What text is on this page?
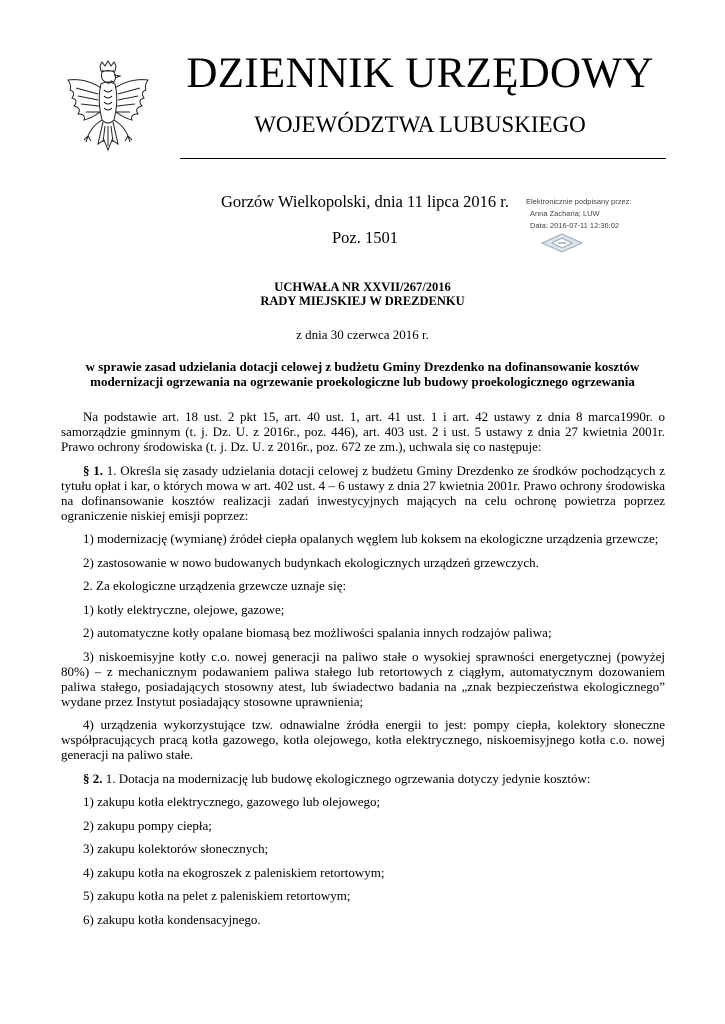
DZIENNIK URZĘDOWY
WOJEWÓDZTWA LUBUSKIEGO
Gorzów Wielkopolski, dnia 11 lipca 2016 r.
Poz. 1501
Elektronicznie podpisany przez:
Anna Zacharia; LUW
Data: 2016-07-11 12:36:02
UCHWAŁA NR XXVII/267/2016
RADY MIEJSKIEJ W DREZDENKU
z dnia 30 czerwca 2016 r.
w sprawie zasad udzielania dotacji celowej z budżetu Gminy Drezdenko na dofinansowanie kosztów modernizacji ogrzewania na ogrzewanie proekologiczne lub budowy proekologicznego ogrzewania

Na podstawie art. 18 ust. 2 pkt 15, art. 40 ust. 1, art. 41 ust. 1 i art. 42 ustawy z dnia 8 marca1990r. o samorządzie gminnym (t. j. Dz. U. z 2016r., poz. 446), art. 403 ust. 2 i ust. 5 ustawy z dnia 27 kwietnia 2001r. Prawo ochrony środowiska (t. j. Dz. U. z 2016r., poz. 672 ze zm.), uchwala się co następuje:

§ 1. 1. Określa się zasady udzielania dotacji celowej z budżetu Gminy Drezdenko ze środków pochodzących z tytułu opłat i kar, o których mowa w art. 402 ust. 4 – 6 ustawy z dnia 27 kwietnia 2001r. Prawo ochrony środowiska na dofinansowanie kosztów realizacji zadań inwestycyjnych mających na celu ochronę powietrza poprzez ograniczenie niskiej emisji poprzez:

1) modernizację (wymianę) źródeł ciepła opalanych węglem lub koksem na ekologiczne urządzenia grzewcze;

2) zastosowanie w nowo budowanych budynkach ekologicznych urządzeń grzewczych.

2. Za ekologiczne urządzenia grzewcze uznaje się:

1) kotły elektryczne, olejowe, gazowe;

2) automatyczne kotły opalane biomasą bez możliwości spalania innych rodzajów paliwa;

3) niskoemisyjne kotły c.o. nowej generacji na paliwo stałe o wysokiej sprawności energetycznej (powyżej 80%) – z mechanicznym podawaniem paliwa stałego lub retortowych z ciągłym, automatycznym dozowaniem paliwa stałego, posiadających stosowny atest, lub świadectwo badania na „znak bezpieczeństwa ekologicznego” wydane przez Instytut posiadający stosowne uprawnienia;

4) urządzenia wykorzystujące tzw. odnawialne źródła energii to jest: pompy ciepła, kolektory słoneczne współpracujących pracą kotła gazowego, kotła olejowego, kotła elektrycznego, niskoemisyjnego kotła c.o. nowej generacji na paliwo stałe.

§ 2. 1. Dotacja na modernizację lub budowę ekologicznego ogrzewania dotyczy jedynie kosztów:

1) zakupu kotła elektrycznego, gazowego lub olejowego;

2) zakupu pompy ciepła;

3) zakupu kolektorów słonecznych;

4) zakupu kotła na ekogroszek z paleniskiem retortowym;

5) zakupu kotła na pelet z paleniskiem retortowym;

6) zakupu kotła kondensacyjnego.
